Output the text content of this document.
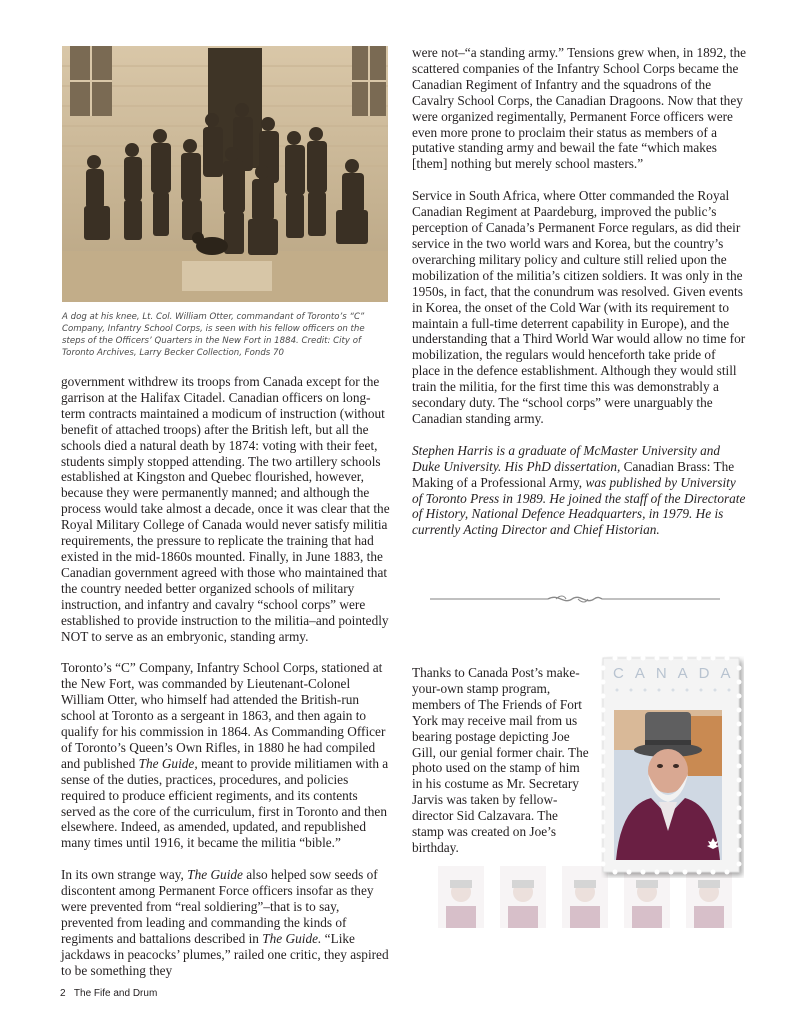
A dog at his knee, Lt. Col. William Otter, commandant of Toronto’s “C” Company, Infantry School Corps, is seen with his fellow officers on the steps of the Officers’ Quarters in the New Fort in 1884. Credit: City of Toronto Archives, Larry Becker Collection, Fonds 70

government withdrew its troops from Canada except for the garrison at the Halifax Citadel. Canadian officers on long-term contracts maintained a modicum of instruction (without benefit of attached troops) after the British left, but all the schools died a natural death by 1874: voting with their feet, students simply stopped attending. The two artillery schools established at Kingston and Quebec flourished, however, because they were permanently manned; and although the process would take almost a decade, once it was clear that the Royal Military College of Canada would never satisfy militia requirements, the pressure to replicate the training that had existed in the mid-1860s mounted. Finally, in June 1883, the Canadian government agreed with those who maintained that the country needed better organized schools of military instruction, and infantry and cavalry “school corps” were established to provide instruction to the militia–and pointedly NOT to serve as an embryonic, standing army.

Toronto’s “C” Company, Infantry School Corps, stationed at the New Fort, was commanded by Lieutenant-Colonel William Otter, who himself had attended the British-run school at Toronto as a sergeant in 1863, and then again to qualify for his commission in 1864. As Commanding Officer of Toronto’s Queen’s Own Rifles, in 1880 he had compiled and published The Guide, meant to provide militiamen with a sense of the duties, practices, procedures, and policies required to produce efficient regiments, and its contents served as the core of the curriculum, first in Toronto and then elsewhere. Indeed, as amended, updated, and republished many times until 1916, it became the militia “bible.”

In its own strange way, The Guide also helped sow seeds of discontent among Permanent Force officers insofar as they were prevented from “real soldiering”–that is to say, prevented from leading and commanding the kinds of regiments and battalions described in The Guide. “Like jackdaws in peacocks’ plumes,” railed one critic, they aspired to be something they

were not–“a standing army.” Tensions grew when, in 1892, the scattered companies of the Infantry School Corps became the Canadian Regiment of Infantry and the squadrons of the Cavalry School Corps, the Canadian Dragoons. Now that they were organized regimentally, Permanent Force officers were even more prone to proclaim their status as members of a putative standing army and bewail the fate “which makes [them] nothing but merely school masters.”

Service in South Africa, where Otter commanded the Royal Canadian Regiment at Paardeburg, improved the public’s perception of Canada’s Permanent Force regulars, as did their service in the two world wars and Korea, but the country’s overarching military policy and culture still relied upon the mobilization of the militia’s citizen soldiers. It was only in the 1950s, in fact, that the conundrum was resolved. Given events in Korea, the onset of the Cold War (with its requirement to maintain a full-time deterrent capability in Europe), and the understanding that a Third World War would allow no time for mobilization, the regulars would henceforth take pride of place in the defence establishment. Although they would still train the militia, for the first time this was demonstrably a secondary duty. The “school corps” were unarguably the Canadian standing army.

Stephen Harris is a graduate of McMaster University and Duke University. His PhD dissertation, Canadian Brass: The Making of a Professional Army, was published by University of Toronto Press in 1989. He joined the staff of the Directorate of History, National Defence Headquarters, in 1979. He is currently Acting Director and Chief Historian.

Thanks to Canada Post’s make-your-own stamp program, members of The Friends of Fort York may receive mail from us bearing postage depicting Joe Gill, our genial former chair. The photo used on the stamp of him in his costume as Mr. Secretary Jarvis was taken by fellow-director Sid Calzavara. The stamp was created on Joe’s birthday.

CANADA
2 The Fife and Drum
